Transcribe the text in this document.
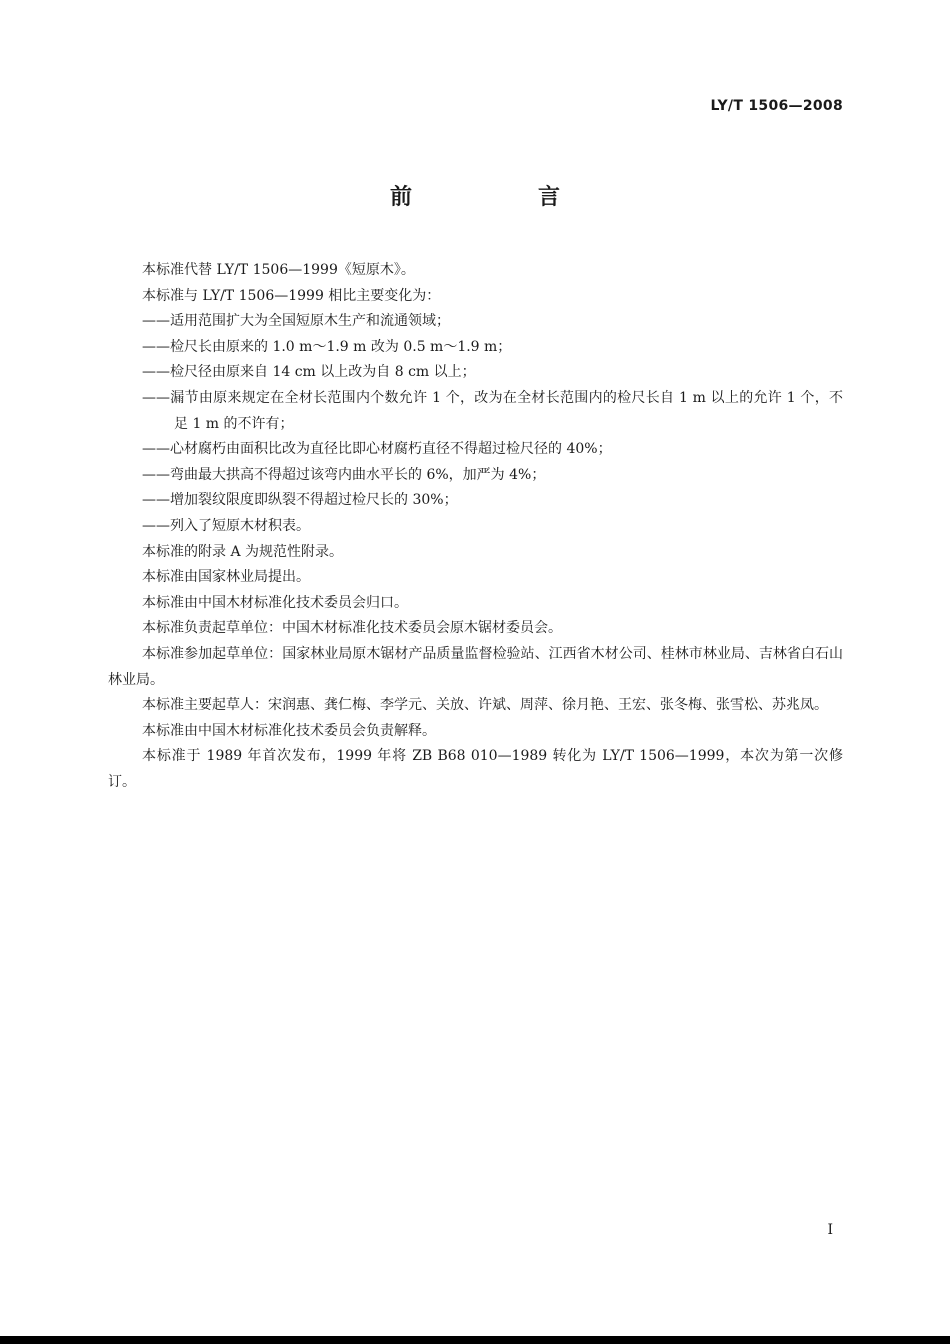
LY/T 1506—2008
前　言

本标准代替 LY/T 1506—1999《短原木》。

本标准与 LY/T 1506—1999 相比主要变化为：

——适用范围扩大为全国短原木生产和流通领域；

——检尺长由原来的 1.0 m～1.9 m 改为 0.5 m～1.9 m；

——检尺径由原来自 14 cm 以上改为自 8 cm 以上；

——漏节由原来规定在全材长范围内个数允许 1 个，改为在全材长范围内的检尺长自 1 m 以上的允许 1 个，不足 1 m 的不许有；

——心材腐朽由面积比改为直径比即心材腐朽直径不得超过检尺径的 40%；

——弯曲最大拱高不得超过该弯内曲水平长的 6%，加严为 4%；

——增加裂纹限度即纵裂不得超过检尺长的 30%；

——列入了短原木材积表。

本标准的附录 A 为规范性附录。

本标准由国家林业局提出。

本标准由中国木材标准化技术委员会归口。

本标准负责起草单位：中国木材标准化技术委员会原木锯材委员会。

本标准参加起草单位：国家林业局原木锯材产品质量监督检验站、江西省木材公司、桂林市林业局、吉林省白石山林业局。

本标准主要起草人：宋润惠、龚仁梅、李学元、关放、许斌、周萍、徐月艳、王宏、张冬梅、张雪松、苏兆凤。

本标准由中国木材标准化技术委员会负责解释。

本标准于 1989 年首次发布，1999 年将 ZB B68 010—1989 转化为 LY/T 1506—1999，本次为第一次修订。

I
